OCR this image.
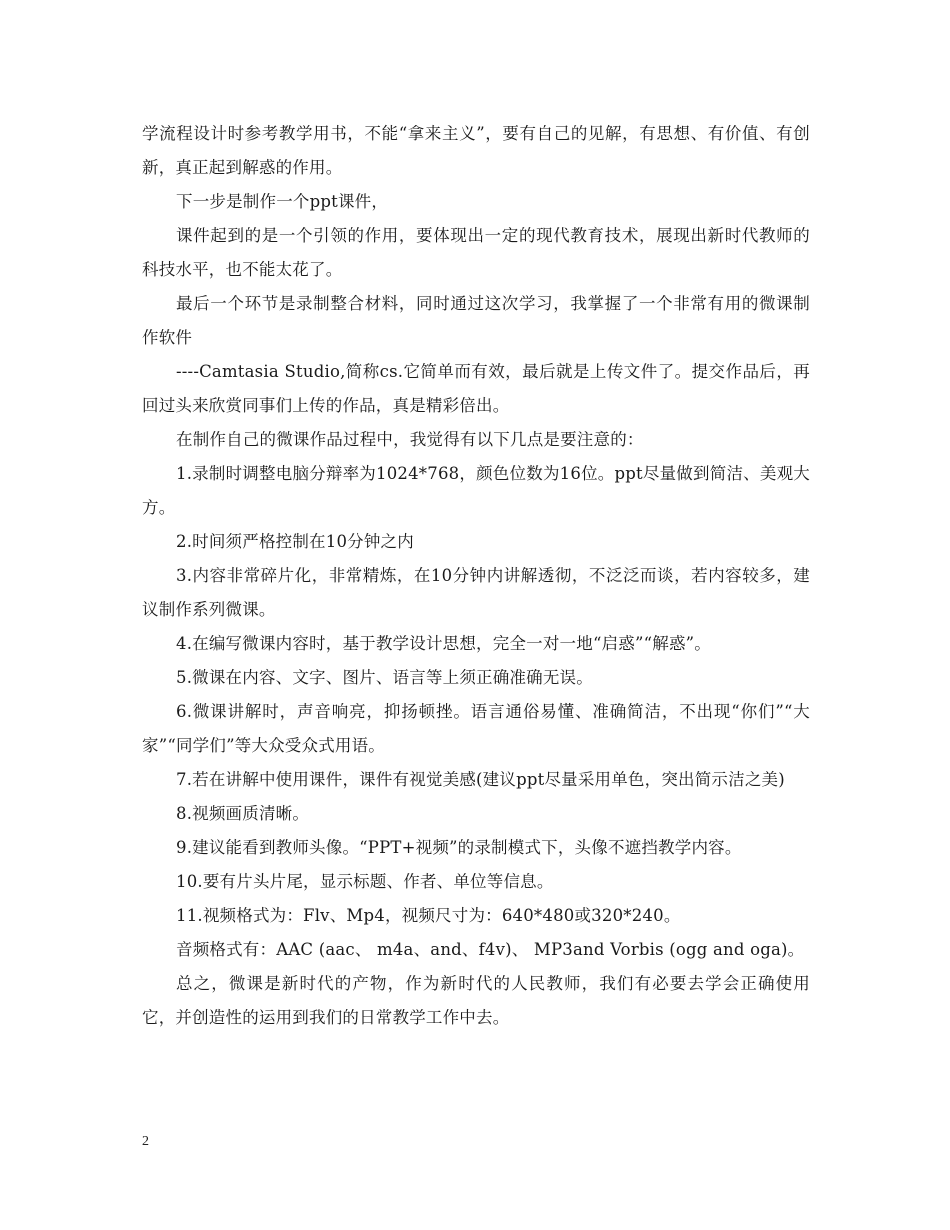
学流程设计时参考教学用书，不能“拿来主义”，要有自己的见解，有思想、有价值、有创新，真正起到解惑的作用。

下一步是制作一个ppt课件，

课件起到的是一个引领的作用，要体现出一定的现代教育技术，展现出新时代教师的科技水平，也不能太花了。

最后一个环节是录制整合材料，同时通过这次学习，我掌握了一个非常有用的微课制作软件

----Camtasia Studio,简称cs.它简单而有效，最后就是上传文件了。提交作品后，再回过头来欣赏同事们上传的作品，真是精彩倍出。

在制作自己的微课作品过程中，我觉得有以下几点是要注意的：

1.录制时调整电脑分辩率为1024*768，颜色位数为16位。ppt尽量做到简洁、美观大方。

2.时间须严格控制在10分钟之内

3.内容非常碎片化，非常精炼，在10分钟内讲解透彻，不泛泛而谈，若内容较多，建议制作系列微课。

4.在编写微课内容时，基于教学设计思想，完全一对一地“启惑”“解惑”。

5.微课在内容、文字、图片、语言等上须正确准确无误。

6.微课讲解时，声音响亮，抑扬顿挫。语言通俗易懂、准确简洁，不出现“你们”“大家”“同学们”等大众受众式用语。

7.若在讲解中使用课件，课件有视觉美感(建议ppt尽量采用单色，突出简示洁之美)

8.视频画质清晰。

9.建议能看到教师头像。“PPT+视频”的录制模式下，头像不遮挡教学内容。

10.要有片头片尾，显示标题、作者、单位等信息。

11.视频格式为：Flv、Mp4，视频尺寸为：640*480或320*240。

音频格式有：AAC (aac、 m4a、and、f4v)、 MP3and Vorbis (ogg and oga)。

总之，微课是新时代的产物，作为新时代的人民教师，我们有必要去学会正确使用它，并创造性的运用到我们的日常教学工作中去。

2
